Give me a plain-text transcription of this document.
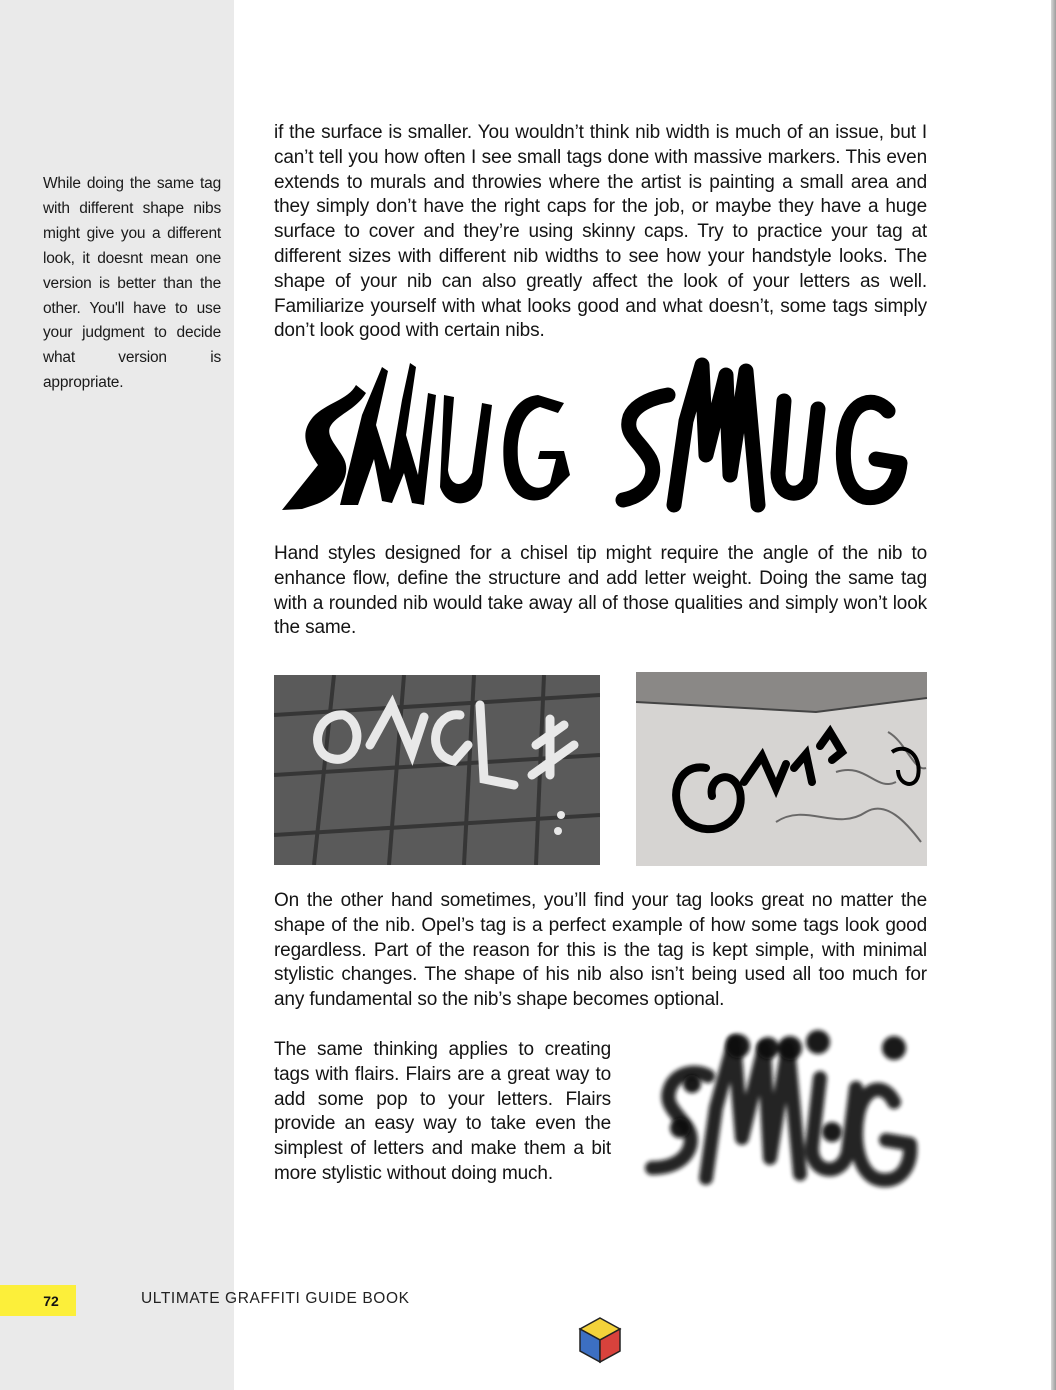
While doing the same tag with different shape nibs might give you a different look, it doesnt mean one version is better than the other. You'll have to use your judgment to decide what version is appropriate.

if the surface is smaller. You wouldn’t think nib width is much of an issue, but I can’t tell you how often I see small tags done with massive markers. This even extends to murals and throwies where the artist is painting a small area and they simply don’t have the right caps for the job, or maybe they have a huge surface to cover and they’re using skinny caps. Try to practice your tag at different sizes with different nib widths to see how your handstyle looks. The shape of your nib can also greatly affect the look of your letters as well. Familiarize yourself with what looks good and what doesn’t, some tags simply don’t look good with certain nibs.

Hand styles designed for a chisel tip might require the angle of the nib to enhance flow, define the structure and add letter weight. Doing the same tag with a rounded nib would take away all of those qualities and simply won’t look the same.

On the other hand sometimes, you’ll find your tag looks great no matter the shape of the nib. Opel’s tag is a perfect example of how some tags look good regardless. Part of the reason for this is the tag is kept simple, with minimal stylistic changes. The shape of his nib also isn’t being used all too much for any fundamental so the nib’s shape becomes optional.

The same thinking applies to creating tags with flairs. Flairs are a great way to add some pop to your letters. Flairs provide an easy way to take even the simplest of letters and make them a bit more stylistic without doing much.

72	ULTIMATE GRAFFITI GUIDE BOOK
